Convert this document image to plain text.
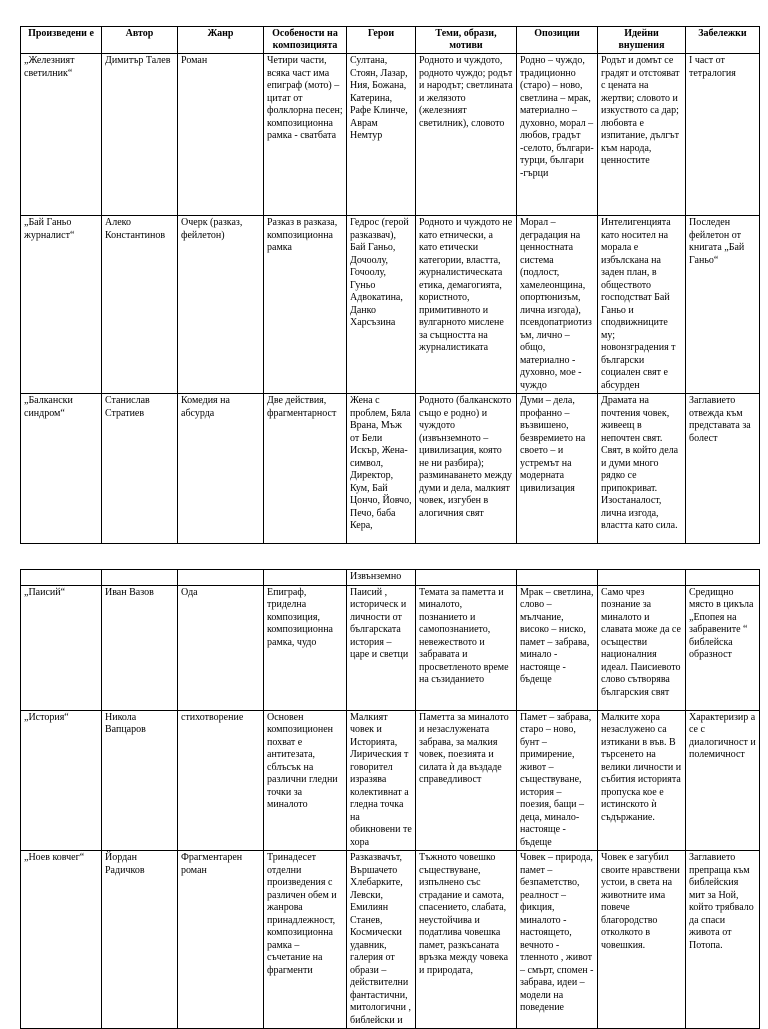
Произведени е	Автор	Жанр	Особености на композицията	Герои	Теми, образи, мотиви	Опозиции	Идейни внушения	Забележки
„Железният светилник“	Димитър Талев	Роман	Четири части, всяка част има епиграф (мото) – цитат от фолклорна песен; композиционна рамка - сватбата	Султана, Стоян, Лазар, Ния, Божана, Катерина, Рафе Клинче, Аврам Немтур	Родното и чуждото, родното чуждо; родът и народът; светлината и желязото (железният светилник), словото	Родно – чуждо, традиционно (старо) – ново, светлина – мрак, материално – духовно, морал – любов, градът -селото, българи- турци, българи -гърци	Родът и домът се градят и отстояват с цената на жертви; словото и изкуството са дар; любовта е изпитание, дългът към народа, ценностите	I част от тетралогия
„Бай Ганьо журналист“	Алеко Константинов	Очерк (разказ, фейлетон)	Разказ в разказа, композиционна рамка	Гедрос (герой разказвач), Бай Ганьо, Дочоолу, Гочоолу, Гуньо Адвокатина, Данко Харсъзина	Родното и чуждото не като етнически, а като етически категории, властта, журналистическата етика, демагогията, користното, примитивното и вулгарното мислене за същността на журналистиката	Морал – деградация на ценностната система (подлост, хамелеонщина, опортюнизъм, лична изгода), псевдопатриотизъм, лично – общо, материално - духовно, мое - чуждо	Интелигенцията като носител на морала е избълскана на заден план, в обществото господстват Бай Ганьо и сподвижниците му; новонзградения т български социален свят е абсурден	Последен фейлетон от книгата „Бай Ганьо“
„Балкански синдром“	Станислав Стратиев	Комедия на абсурда	Две действия, фрагментарност	Жена с проблем, Бяла Врана, Мъж от Бели Искър, Жена-символ, Директор, Кум, Бай Цончо, Йовчо, Печо, баба Кера,	Родното (балканското също е родно) и чуждото (извънземното – цивилизация, която не ни разбира); разминаването между думи и дела, малкият човек, изгубен в алогичния свят	Думи – дела, профанно – възвишено, безвремието на своето – и устремът на модерната цивилизация	Драмата на почтения човек, живеещ в непочтен свят. Свят, в който дела и думи много рядко се припокриват. Изостаналост, лична изгода, властта като сила.	Заглавието отвежда към представата за болест
				Извънземно				
„Паисий“	Иван Вазов	Ода	Епиграф, триделна композиция, композиционна рамка, чудо	Паисий , историческ и личности от българската история – царе и светци	Темата за паметта и миналото, познанието и самопознанието, невежеството и забравата и просветленото време на съзиданието	Мрак – светлина, слово – мълчание, високо – ниско, памет – забрава, минало - настояще - бъдеще	Само чрез познание за миналото и славата може да се осъществи националния идеал. Паисиевото слово сътворява българския свят	Средищно място в цикъла „Епопея на забравените “ библейска образност
„История“	Никола Вапцаров	стихотворение	Основен композиционен похват е антитезата, сблъсък на различни гледни точки за миналото	Малкият човек и Историята, Лирическия т говорител изразява колективнат а гледна точка на обикновени те хора	Паметта за миналото и незаслужената забрава, за малкия човек, поезията и силата ѝ да въздаде справедливост	Памет – забрава, старо – ново, бунт – примирение, живот – съществуване, история – поезия, бащи – деца, минало-настояще - бъдеще	Малките хора незаслужено са изтикани в във. В търсенето на велики личности и събития историята пропуска кое е истинското ѝ съдържание.	Характеризир а се с диалогичност и полемичност
„Ноев ковчег“	Йордан Радичков	Фрагментарен роман	Тринадесет отделни произведения с различен обем и жанрова принадлежност, композиционна рамка – съчетание на фрагменти	Разказвачът, Вършачето Хлебарките, Левски, Емилиян Станев, Космически удавник, галерия от образи – действителни фантастични, митологични , библейски и	Тъжното човешко съществуване, изпълнено със страдание и самота, спасението, слабата, неустойчива и податлива човешка памет, разкъсаната връзка между човека и природата,	Човек – природа, памет – безпаметство, реалност – фикция, миналото - настоящето, вечното - тленното , живот – смърт, спомен - забрава, идеи – модели на поведение	Човек е загубил своите нравствени устои, в света на животните има повече благородство отколкото в човешкия.	Заглавието препраща към библейския мит за Ной, който трябвало да спаси живота от Потопа.
